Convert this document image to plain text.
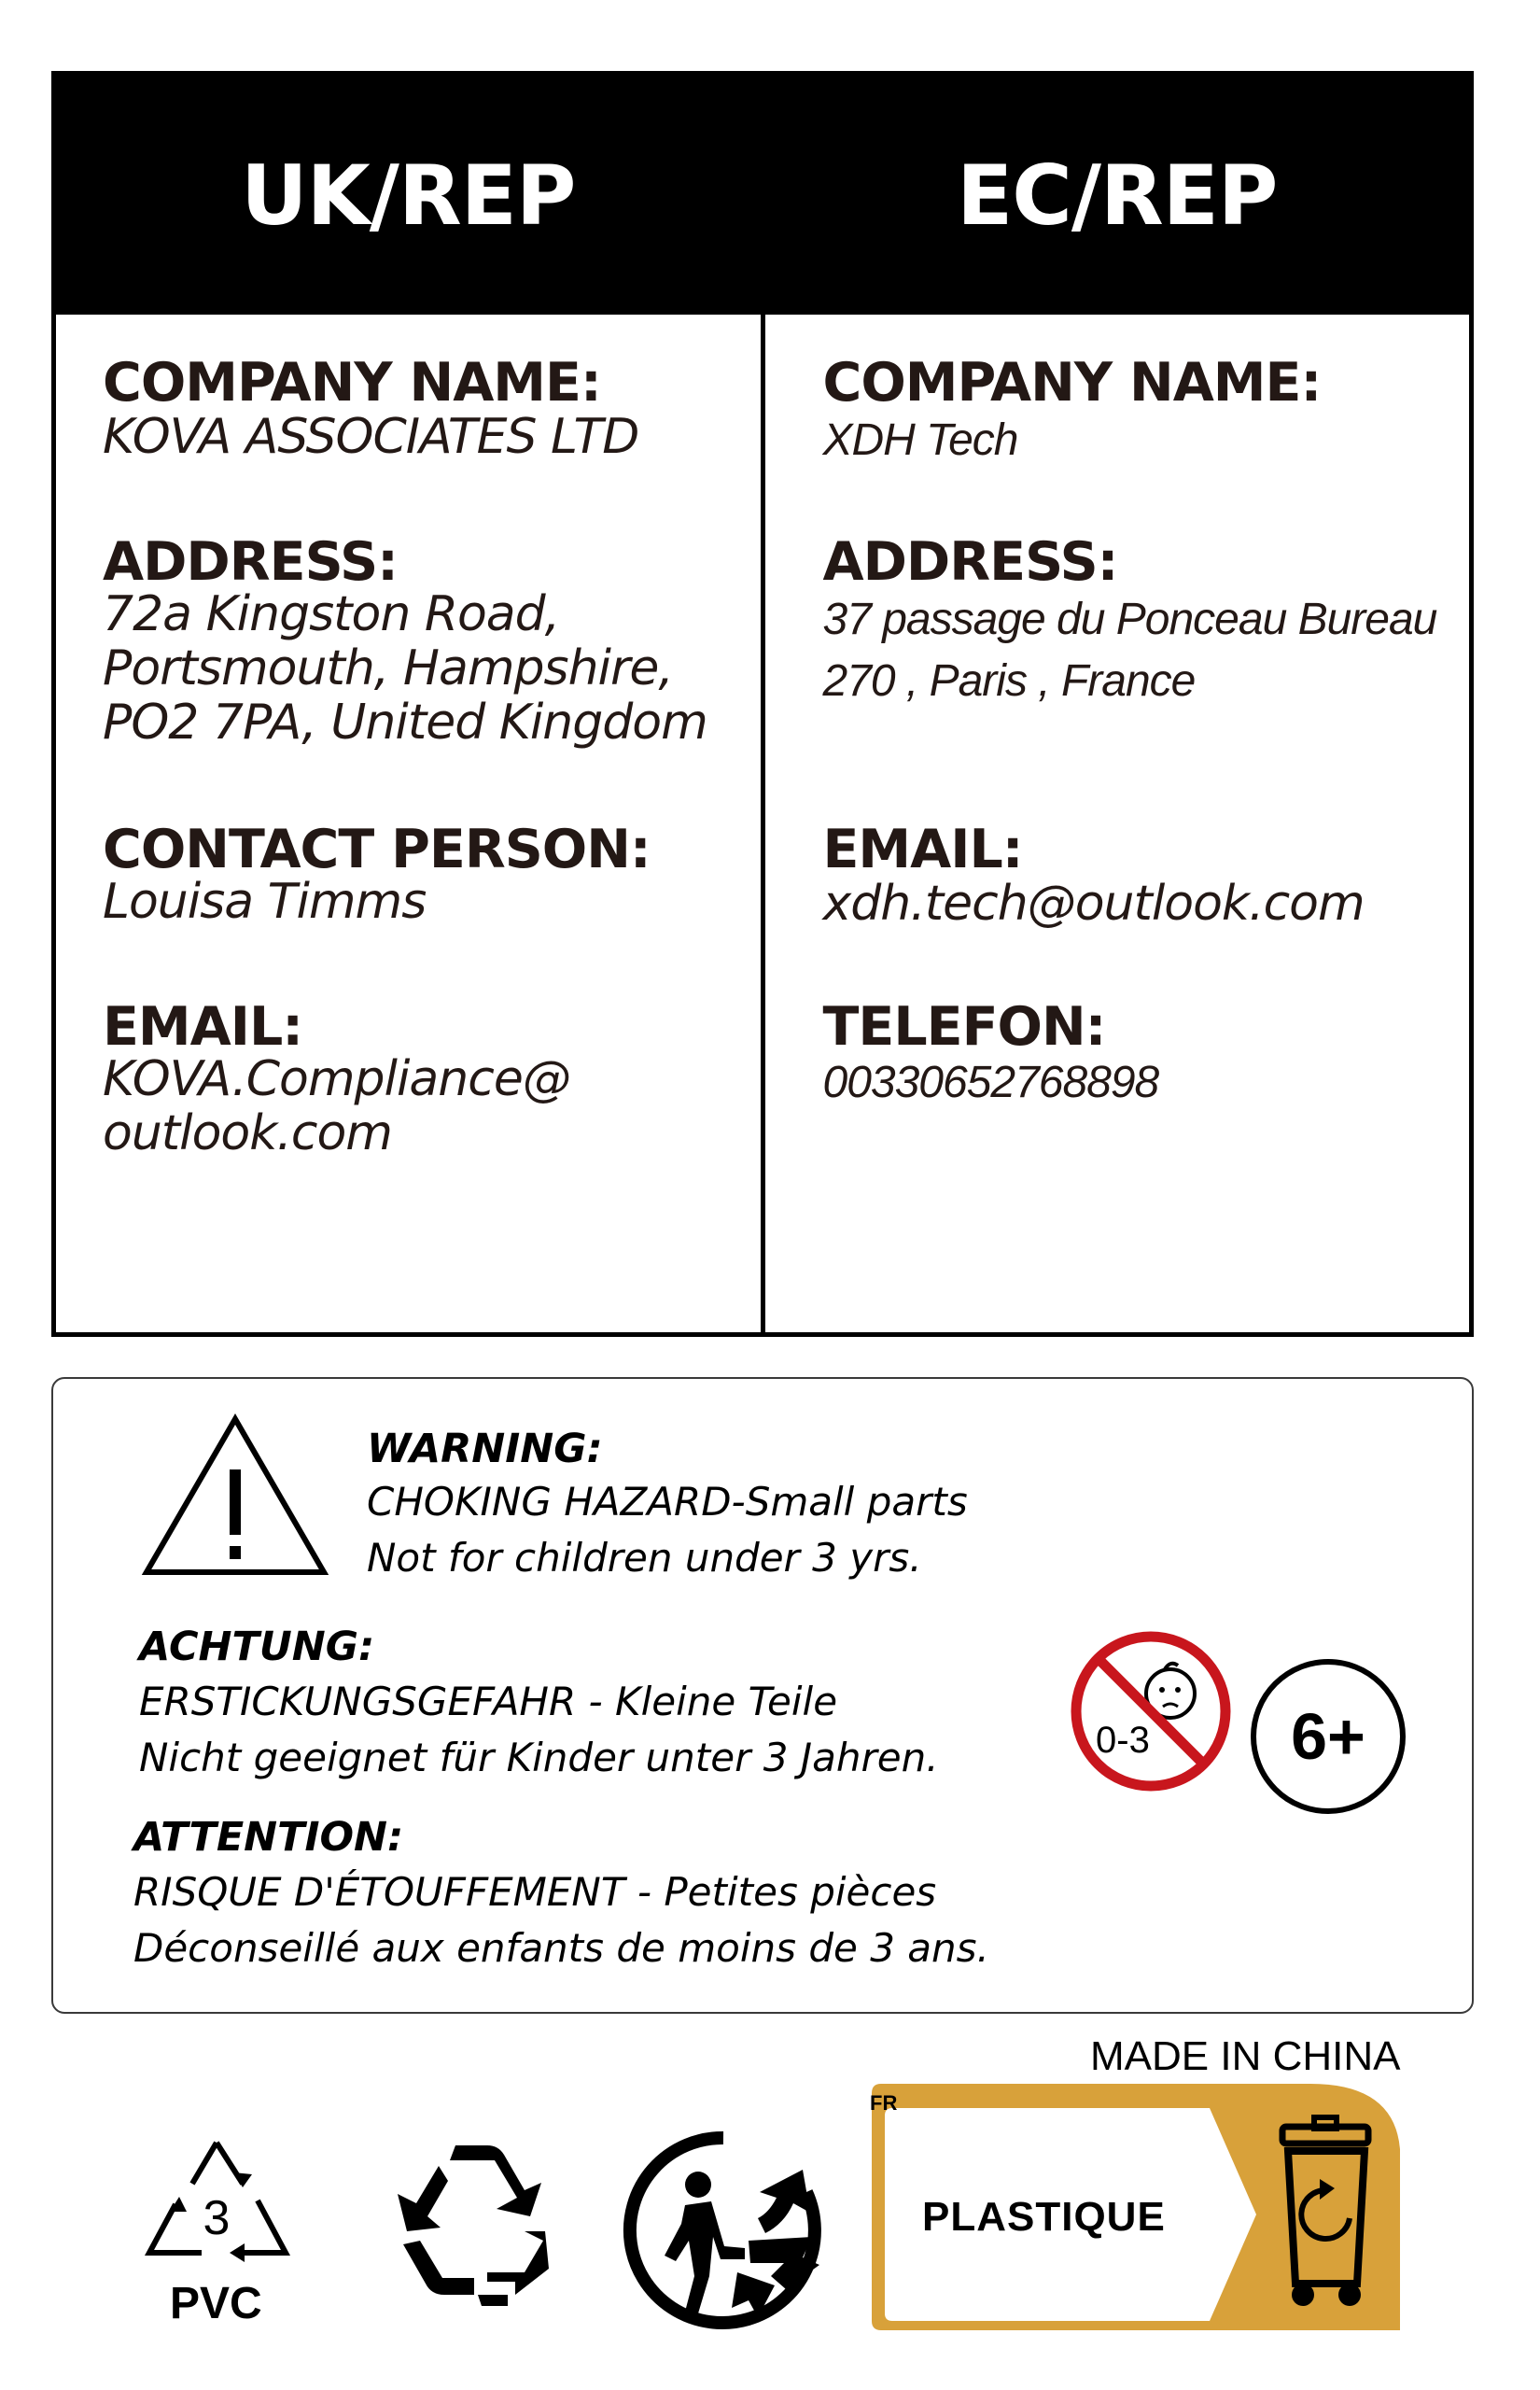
UK/REP
COMPANY NAME:
KOVA ASSOCIATES LTD
ADDRESS:
72a Kingston Road,
Portsmouth, Hampshire,
PO2 7PA, United Kingdom
CONTACT PERSON:
Louisa Timms
EMAIL:
KOVA.Compliance@
outlook.com
EC/REP
COMPANY NAME:
XDH Tech
ADDRESS:
37 passage du Ponceau Bureau
270 , Paris , France
EMAIL:
xdh.tech@outlook.com
TELEFON:
00330652768898
WARNING:
CHOKING HAZARD-Small parts
Not for children under 3 yrs.
ACHTUNG:
ERSTICKUNGSGEFAHR - Kleine Teile
Nicht geeignet für Kinder unter 3 Jahren.
ATTENTION:
RISQUE D'ÉTOUFFEMENT - Petites pièces
Déconseillé aux enfants de moins de 3 ans.
0-3	6+
MADE IN CHINA
3
PVC
FR
PLASTIQUE
